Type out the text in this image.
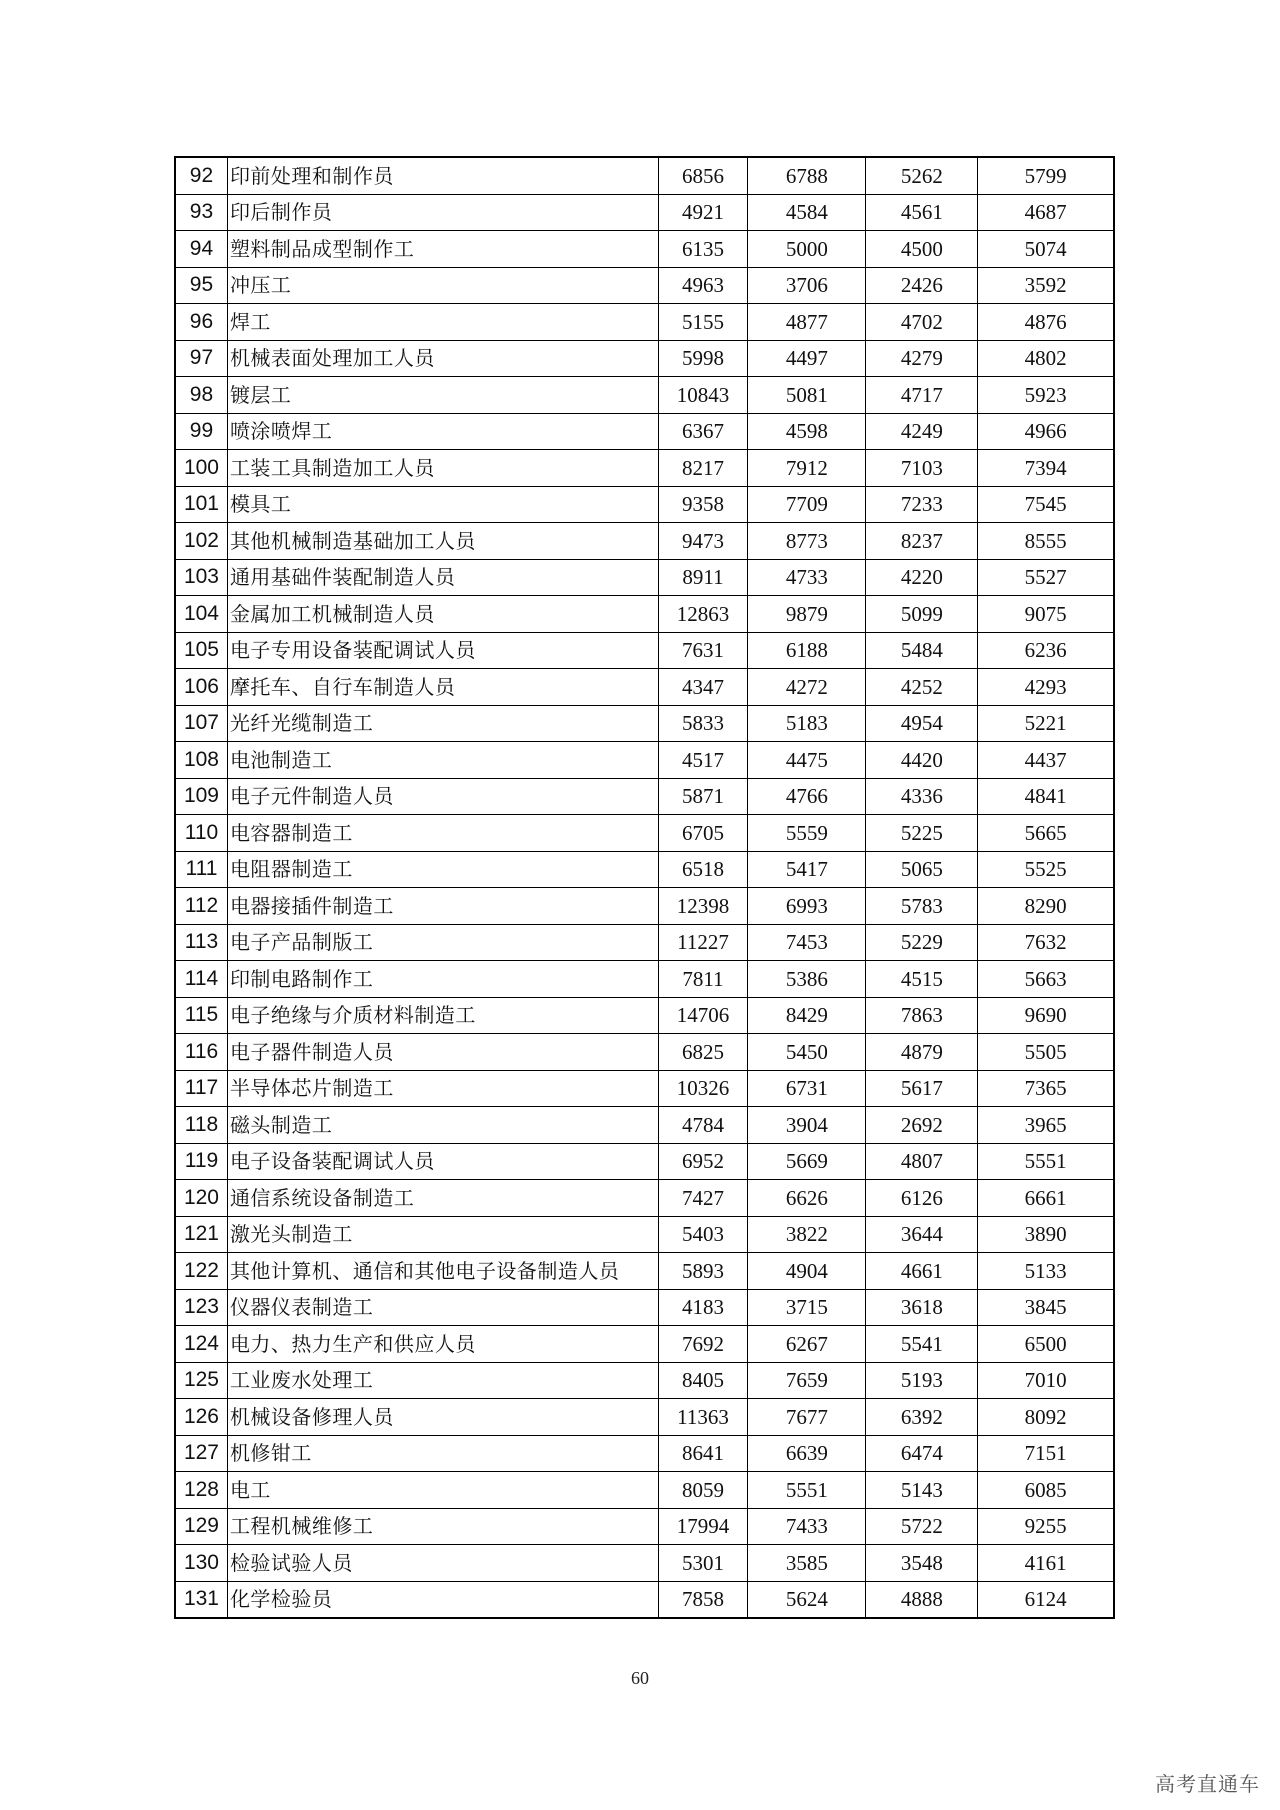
92	印前处理和制作员	6856	6788	5262	5799
93	印后制作员	4921	4584	4561	4687
94	塑料制品成型制作工	6135	5000	4500	5074
95	冲压工	4963	3706	2426	3592
96	焊工	5155	4877	4702	4876
97	机械表面处理加工人员	5998	4497	4279	4802
98	镀层工	10843	5081	4717	5923
99	喷涂喷焊工	6367	4598	4249	4966
100	工装工具制造加工人员	8217	7912	7103	7394
101	模具工	9358	7709	7233	7545
102	其他机械制造基础加工人员	9473	8773	8237	8555
103	通用基础件装配制造人员	8911	4733	4220	5527
104	金属加工机械制造人员	12863	9879	5099	9075
105	电子专用设备装配调试人员	7631	6188	5484	6236
106	摩托车、自行车制造人员	4347	4272	4252	4293
107	光纤光缆制造工	5833	5183	4954	5221
108	电池制造工	4517	4475	4420	4437
109	电子元件制造人员	5871	4766	4336	4841
110	电容器制造工	6705	5559	5225	5665
111	电阻器制造工	6518	5417	5065	5525
112	电器接插件制造工	12398	6993	5783	8290
113	电子产品制版工	11227	7453	5229	7632
114	印制电路制作工	7811	5386	4515	5663
115	电子绝缘与介质材料制造工	14706	8429	7863	9690
116	电子器件制造人员	6825	5450	4879	5505
117	半导体芯片制造工	10326	6731	5617	7365
118	磁头制造工	4784	3904	2692	3965
119	电子设备装配调试人员	6952	5669	4807	5551
120	通信系统设备制造工	7427	6626	6126	6661
121	激光头制造工	5403	3822	3644	3890
122	其他计算机、通信和其他电子设备制造人员	5893	4904	4661	5133
123	仪器仪表制造工	4183	3715	3618	3845
124	电力、热力生产和供应人员	7692	6267	5541	6500
125	工业废水处理工	8405	7659	5193	7010
126	机械设备修理人员	11363	7677	6392	8092
127	机修钳工	8641	6639	6474	7151
128	电工	8059	5551	5143	6085
129	工程机械维修工	17994	7433	5722	9255
130	检验试验人员	5301	3585	3548	4161
131	化学检验员	7858	5624	4888	6124
60
高考直通车
